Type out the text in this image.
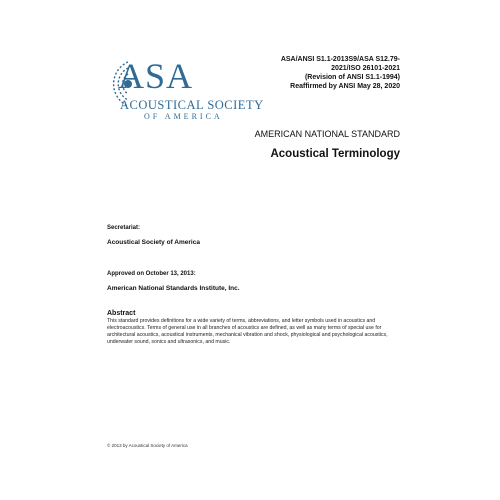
ASA
ACOUSTICAL SOCIETY
OF AMERICA
ASA/ANSI S1.1-2013S9/ASA S12.79-
2021/ISO 26101-2021
(Revision of ANSI S1.1-1994)
Reaffirmed by ANSI May 28, 2020
AMERICAN NATIONAL STANDARD
Acoustical Terminology
Secretariat:
Acoustical Society of America
Approved on October 13, 2013:
American National Standards Institute, Inc.
Abstract
This standard provides definitions for a wide variety of terms, abbreviations, and letter symbols used in acoustics and electroacoustics. Terms of general use in all branches of acoustics are defined, as well as many terms of special use for architectural acoustics, acoustical instruments, mechanical vibration and shock, physiological and psychological acoustics, underwater sound, sonics and ultrasonics, and music.
© 2013 by Acoustical Society of America
